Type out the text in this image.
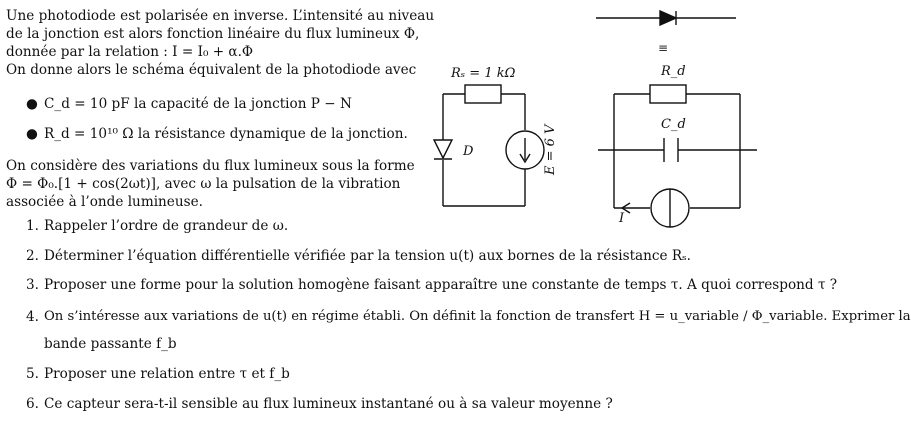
Une photodiode est polarisée en inverse. L’intensité au niveau
de la jonction est alors fonction linéaire du flux lumineux Φ,
donnée par la relation : I = I₀ + α.Φ
On donne alors le schéma équivalent de la photodiode avec
● C_d = 10 pF la capacité de la jonction P − N
● R_d = 10¹⁰ Ω la résistance dynamique de la jonction.
On considère des variations du flux lumineux sous la forme
Φ = Φ₀.[1 + cos(2ωt)], avec ω la pulsation de la vibration
associée à l’onde lumineuse.
1. Rappeler l’ordre de grandeur de ω.
2. Déterminer l’équation différentielle vérifiée par la tension u(t) aux bornes de la résistance Rₛ.
3. Proposer une forme pour la solution homogène faisant apparaître une constante de temps τ. A quoi correspond τ ?
4. On s’intéresse aux variations de u(t) en régime établi. On définit la fonction de transfert H = u_variable / Φ_variable. Exprimer la
bande passante f_b
5. Proposer une relation entre τ et f_b
6. Ce capteur sera-t-il sensible au flux lumineux instantané ou à sa valeur moyenne ?
Rₛ = 1 kΩ
D	E = 6 V
≡
R_d
C_d
I
